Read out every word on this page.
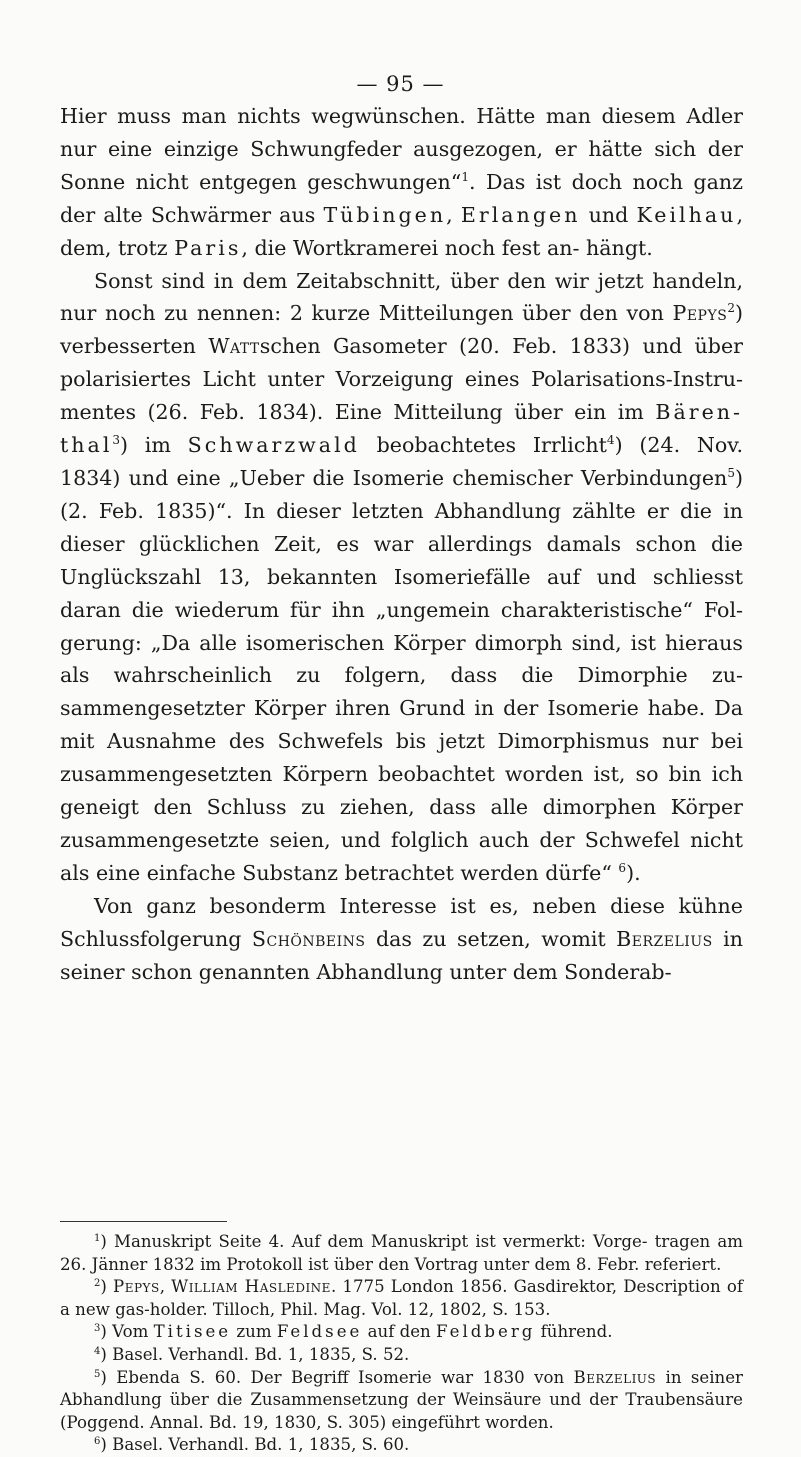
— 95 —

Hier muss man nichts wegwünschen. Hätte man diesem Adler nur eine einzige Schwungfeder ausgezogen, er hätte sich der Sonne nicht entgegen geschwungen“$^1$. Das ist doch noch ganz der alte Schwärmer aus Tübingen, Erlangen und Keilhau, dem, trotz Paris, die Wortkramerei noch fest an- hängt.

Sonst sind in dem Zeitabschnitt, über den wir jetzt handeln, nur noch zu nennen: 2 kurze Mitteilungen über den von Pepys$^2$) verbesserten Wattschen Gasometer (20. Feb. 1833) und über polarisiertes Licht unter Vorzeigung eines Polarisations-Instru- mentes (26. Feb. 1834). Eine Mitteilung über ein im Bären- thal$^3$) im Schwarzwald beobachtetes Irrlicht$^4$) (24. Nov. 1834) und eine „Ueber die Isomerie chemischer Verbindungen$^5$) (2. Feb. 1835)“. In dieser letzten Abhandlung zählte er die in dieser glücklichen Zeit, es war allerdings damals schon die Unglückszahl 13, bekannten Isomeriefälle auf und schliesst daran die wiederum für ihn „ungemein charakteristische“ Fol- gerung: „Da alle isomerischen Körper dimorph sind, ist hieraus als wahrscheinlich zu folgern, dass die Dimorphie zu- sammengesetzter Körper ihren Grund in der Isomerie habe. Da mit Ausnahme des Schwefels bis jetzt Dimorphismus nur bei zusammengesetzten Körpern beobachtet worden ist, so bin ich geneigt den Schluss zu ziehen, dass alle dimorphen Körper zusammengesetzte seien, und folglich auch der Schwefel nicht als eine einfache Substanz betrachtet werden dürfe“ $^6$).

Von ganz besonderm Interesse ist es, neben diese kühne Schlussfolgerung Schönbeins das zu setzen, womit Berzelius in seiner schon genannten Abhandlung unter dem Sonderab-

$^1$) Manuskript Seite 4. Auf dem Manuskript ist vermerkt: Vorge- tragen am 26. Jänner 1832 im Protokoll ist über den Vortrag unter dem 8. Febr. referiert.

$^2$) Pepys, William Hasledine. 1775 London 1856. Gasdirektor, Description of a new gas-holder. Tilloch, Phil. Mag. Vol. 12, 1802, S. 153.

$^3$) Vom Titisee zum Feldsee auf den Feldberg führend.

$^4$) Basel. Verhandl. Bd. 1, 1835, S. 52.

$^5$) Ebenda S. 60. Der Begriff Isomerie war 1830 von Berzelius in seiner Abhandlung über die Zusammensetzung der Weinsäure und der Traubensäure (Poggend. Annal. Bd. 19, 1830, S. 305) eingeführt worden.

$^6$) Basel. Verhandl. Bd. 1, 1835, S. 60.
